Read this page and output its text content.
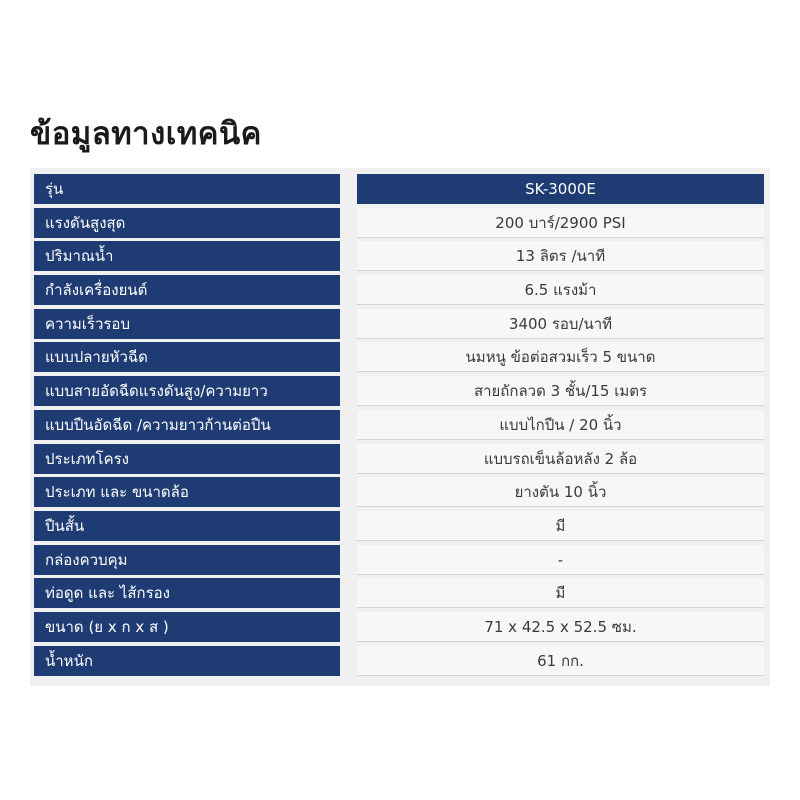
ข้อมูลทางเทคนิค
รุ่น	SK-3000E
แรงดันสูงสุด	200 บาร์/2900 PSI
ปริมาณน้ำ	13 ลิตร /นาที
กำลังเครื่องยนต์	6.5 แรงม้า
ความเร็วรอบ	3400 รอบ/นาที
แบบปลายหัวฉีด	นมหนู ข้อต่อสวมเร็ว 5 ขนาด
แบบสายอัดฉีดแรงดันสูง/ความยาว	สายถักลวด 3 ชั้น/15 เมตร
แบบปืนอัดฉีด /ความยาวก้านต่อปืน	แบบไกปืน / 20 นิ้ว
ประเภทโครง	แบบรถเข็นล้อหลัง 2 ล้อ
ประเภท และ ขนาดล้อ	ยางตัน 10 นิ้ว
ปืนสั้น	มี
กล่องควบคุม	-
ท่อดูด และ ไส้กรอง	มี
ขนาด (ย x ก x ส )	71 x 42.5 x 52.5 ซม.
น้ำหนัก	61 กก.
